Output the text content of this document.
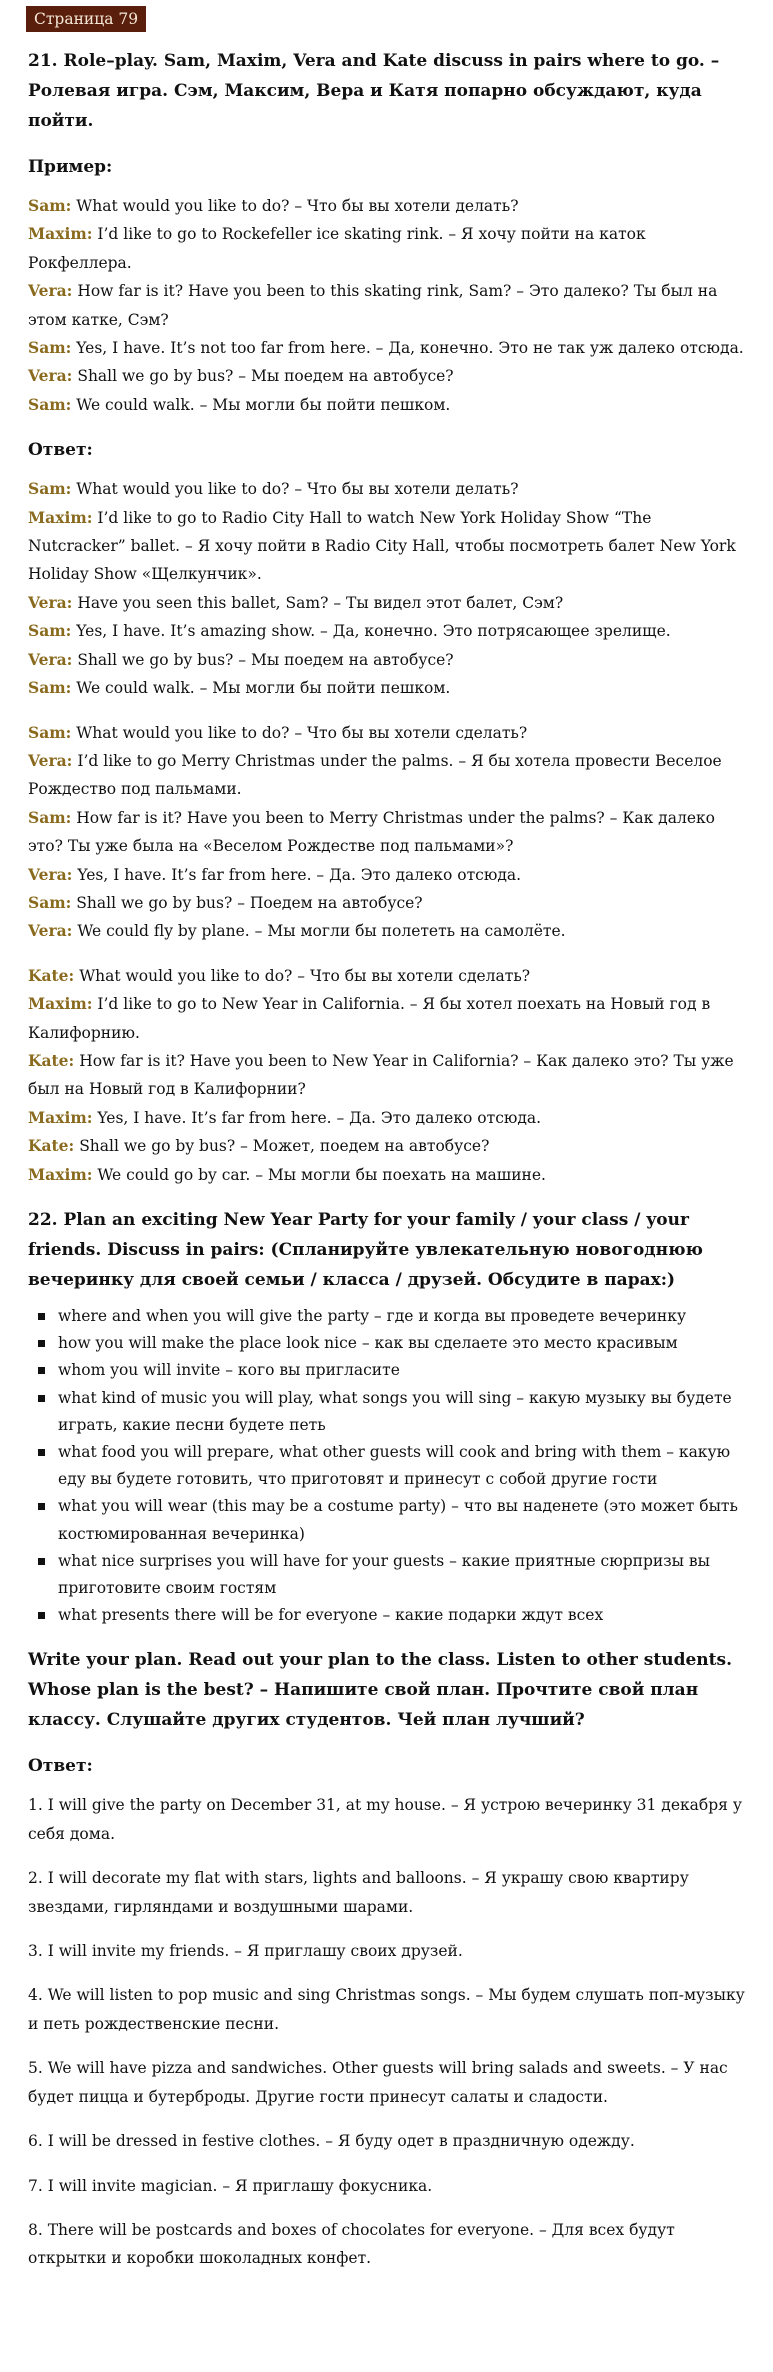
Страница 79

21. Role–play. Sam, Maxim, Vera and Kate discuss in pairs where to go. – Ролевая игра. Сэм, Максим, Вера и Катя попарно обсуждают, куда пойти.

Пример:

Sam: What would you like to do? – Что бы вы хотели делать?

Maxim: I’d like to go to Rockefeller ice skating rink. – Я хочу пойти на каток Рокфеллера.

Vera: How far is it? Have you been to this skating rink, Sam? – Это далеко? Ты был на этом катке, Сэм?

Sam: Yes, I have. It’s not too far from here. – Да, конечно. Это не так уж далеко отсюда.

Vera: Shall we go by bus? – Мы поедем на автобусе?

Sam: We could walk. – Мы могли бы пойти пешком.

Ответ:

Sam: What would you like to do? – Что бы вы хотели делать?

Maxim: I’d like to go to Radio City Hall to watch New York Holiday Show “The Nutcracker” ballet. – Я хочу пойти в Radio City Hall, чтобы посмотреть балет New York Holiday Show «Щелкунчик».

Vera: Have you seen this ballet, Sam? – Ты видел этот балет, Сэм?

Sam: Yes, I have. It’s amazing show. – Да, конечно. Это потрясающее зрелище.

Vera: Shall we go by bus? – Мы поедем на автобусе?

Sam: We could walk. – Мы могли бы пойти пешком.

Sam: What would you like to do? – Что бы вы хотели сделать?

Vera: I’d like to go Merry Christmas under the palms. – Я бы хотела провести Веселое Рождество под пальмами.

Sam: How far is it? Have you been to Merry Christmas under the palms? – Как далеко это? Ты уже была на «Веселом Рождестве под пальмами»?

Vera: Yes, I have. It’s far from here. – Да. Это далеко отсюда.

Sam: Shall we go by bus? – Поедем на автобусе?

Vera: We could fly by plane. – Мы могли бы полететь на самолёте.

Kate: What would you like to do? – Что бы вы хотели сделать?

Maxim: I’d like to go to New Year in California. – Я бы хотел поехать на Новый год в Калифорнию.

Kate: How far is it? Have you been to New Year in California? – Как далеко это? Ты уже был на Новый год в Калифорнии?

Maxim: Yes, I have. It’s far from here. – Да. Это далеко отсюда.

Kate: Shall we go by bus? – Может, поедем на автобусе?

Maxim: We could go by car. – Мы могли бы поехать на машине.

22. Plan an exciting New Year Party for your family / your class / your friends. Discuss in pairs: (Спланируйте увлекательную новогоднюю вечеринку для своей семьи / класса / друзей. Обсудите в парах:)

where and when you will give the party – где и когда вы проведете вечеринку
how you will make the place look nice – как вы сделаете это место красивым
whom you will invite – кого вы пригласите
what kind of music you will play, what songs you will sing – какую музыку вы будете играть, какие песни будете петь
what food you will prepare, what other guests will cook and bring with them – какую еду вы будете готовить, что приготовят и принесут с собой другие гости
what you will wear (this may be a costume party) – что вы наденете (это может быть костюмированная вечеринка)
what nice surprises you will have for your guests – какие приятные сюрпризы вы приготовите своим гостям
what presents there will be for everyone – какие подарки ждут всех

Write your plan. Read out your plan to the class. Listen to other students. Whose plan is the best? – Напишите свой план. Прочтите свой план классу. Слушайте других студентов. Чей план лучший?

Ответ:

1. I will give the party on December 31, at my house. – Я устрою вечеринку 31 декабря у себя дома.

2. I will decorate my flat with stars, lights and balloons. – Я украшу свою квартиру звездами, гирляндами и воздушными шарами.

3. I will invite my friends. – Я приглашу своих друзей.

4. We will listen to pop music and sing Christmas songs. – Мы будем слушать поп-музыку и петь рождественские песни.

5. We will have pizza and sandwiches. Other guests will bring salads and sweets. – У нас будет пицца и бутерброды. Другие гости принесут салаты и сладости.

6. I will be dressed in festive clothes. – Я буду одет в праздничную одежду.

7. I will invite magician. – Я приглашу фокусника.

8. There will be postcards and boxes of chocolates for everyone. – Для всех будут открытки и коробки шоколадных конфет.
